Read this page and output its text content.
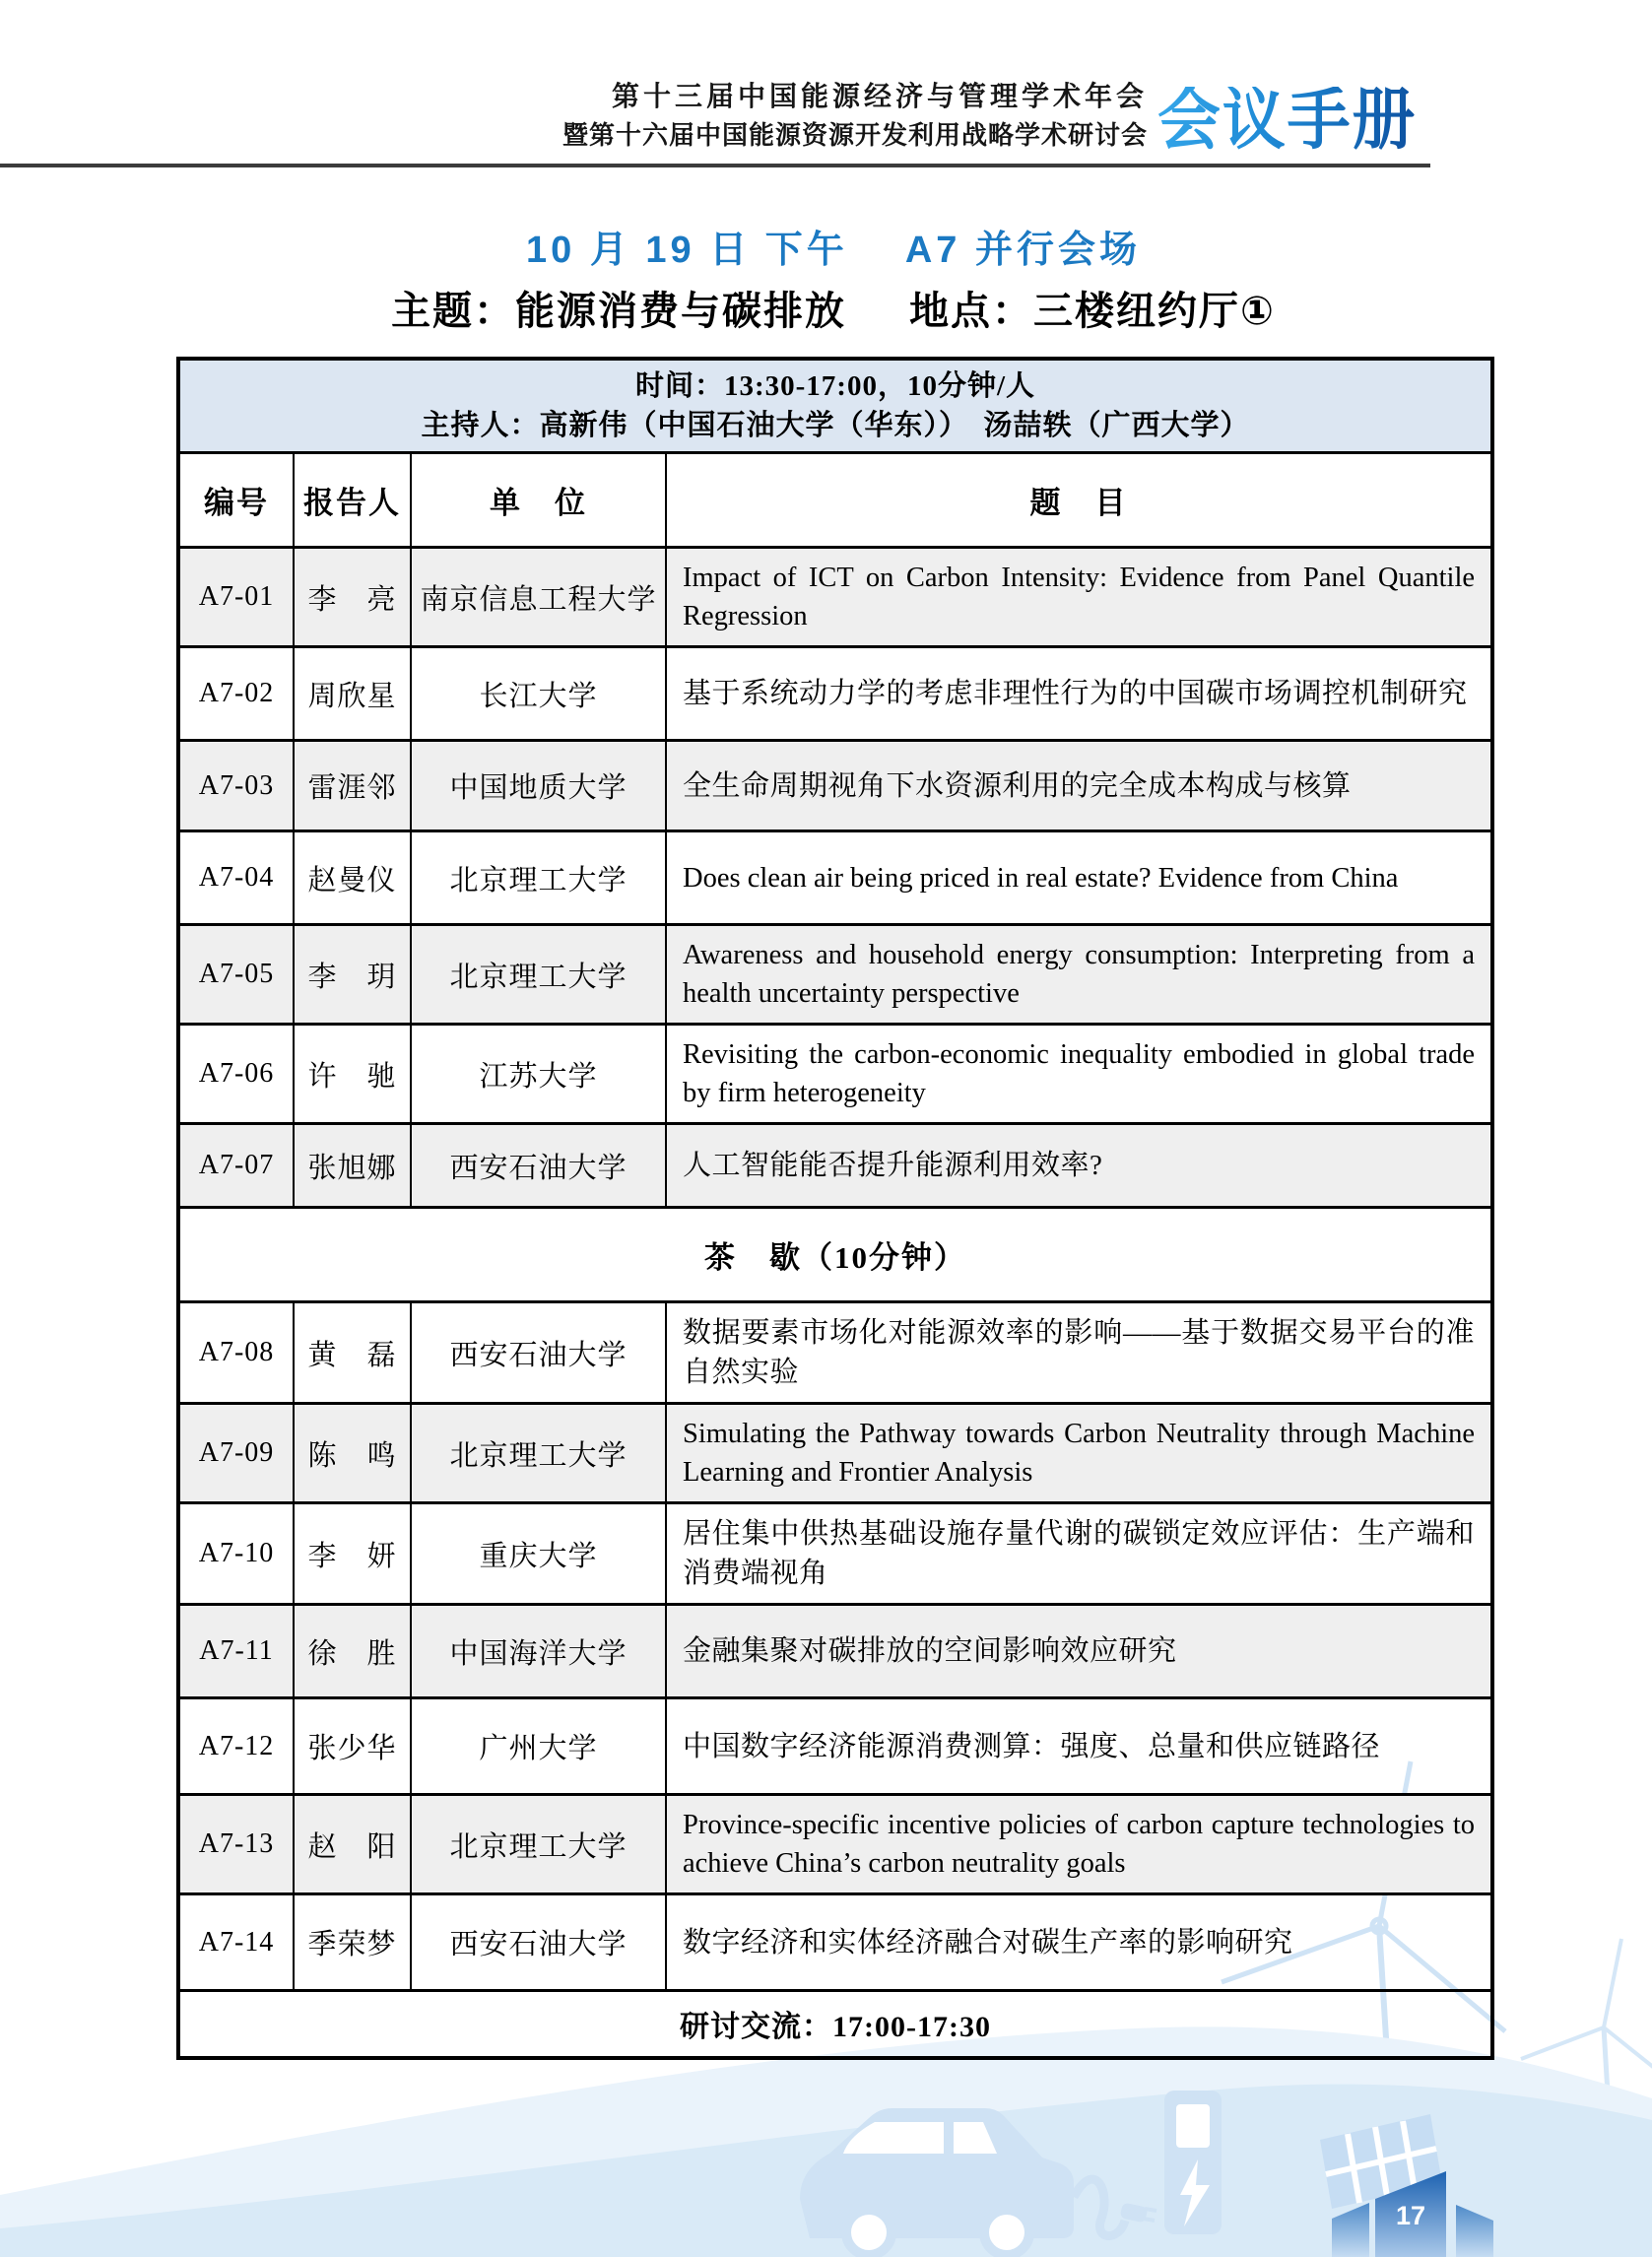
17
第十三届中国能源经济与管理学术年会
暨第十六届中国能源资源开发利用战略学术研讨会 会议手册
10 月 19 日 下午 A7 并行会场
主题：能源消费与碳排放 地点：三楼纽约厅①
时间：13:30-17:00，10分钟/人
主持人：高新伟（中国石油大学（华东））　汤喆轶（广西大学）			

编号	报告人	单　位	题　目
A7-01	李　亮	南京信息工程大学	Impact of ICT on Carbon Intensity: Evidence from Panel Quantile Regression
A7-02	周欣星	长江大学	基于系统动力学的考虑非理性行为的中国碳市场调控机制研究
A7-03	雷涯邻	中国地质大学	全生命周期视角下水资源利用的完全成本构成与核算
A7-04	赵曼仪	北京理工大学	Does clean air being priced in real estate? Evidence from China
A7-05	李　玥	北京理工大学	Awareness and household energy consumption: Interpreting from a health uncertainty perspective
A7-06	许　驰	江苏大学	Revisiting the carbon-economic inequality embodied in global trade by firm heterogeneity
A7-07	张旭娜	西安石油大学	人工智能能否提升能源利用效率?
茶　歇（10分钟）			
A7-08	黄　磊	西安石油大学	数据要素市场化对能源效率的影响——基于数据交易平台的准自然实验
A7-09	陈　鸣	北京理工大学	Simulating the Pathway towards Carbon Neutrality through Machine Learning and Frontier Analysis
A7-10	李　妍	重庆大学	居住集中供热基础设施存量代谢的碳锁定效应评估：生产端和消费端视角
A7-11	徐　胜	中国海洋大学	金融集聚对碳排放的空间影响效应研究
A7-12	张少华	广州大学	中国数字经济能源消费测算：强度、总量和供应链路径
A7-13	赵　阳	北京理工大学	Province-specific incentive policies of carbon capture technologies to achieve China’s carbon neutrality goals
A7-14	季荣梦	西安石油大学	数字经济和实体经济融合对碳生产率的影响研究
研讨交流：17:00-17:30			
